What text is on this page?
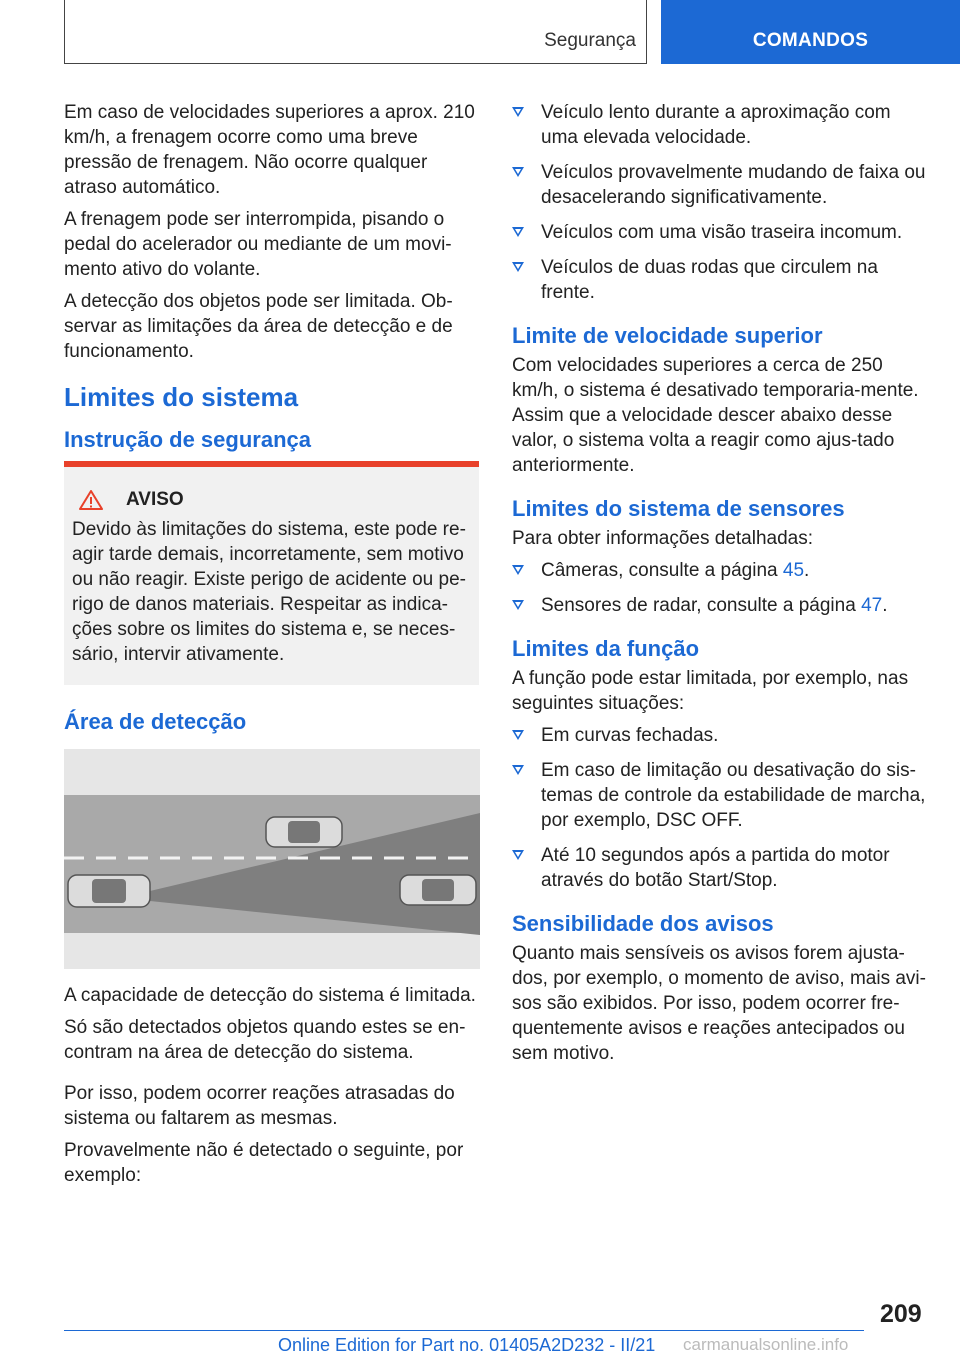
Segurança	COMANDOS

Em caso de velocidades superiores a aprox. 210 km/h, a frenagem ocorre como uma breve pressão de frenagem. Não ocorre qualquer atraso automático.

A frenagem pode ser interrompida, pisando o pedal do acelerador ou mediante de um movi-mento ativo do volante.

A detecção dos objetos pode ser limitada. Ob-servar as limitações da área de detecção e de funcionamento.

Limites do sistema
Instrução de segurança
AVISO

Devido às limitações do sistema, este pode re-agir tarde demais, incorretamente, sem motivo ou não reagir. Existe perigo de acidente ou pe-rigo de danos materiais. Respeitar as indica-ções sobre os limites do sistema e, se neces-sário, intervir ativamente.

Área de detecção

A capacidade de detecção do sistema é limitada.

Só são detectados objetos quando estes se en-contram na área de detecção do sistema.

Por isso, podem ocorrer reações atrasadas do sistema ou faltarem as mesmas.

Provavelmente não é detectado o seguinte, por exemplo:

Veículo lento durante a aproximação com uma elevada velocidade.
Veículos provavelmente mudando de faixa ou desacelerando significativamente.
Veículos com uma visão traseira incomum.
Veículos de duas rodas que circulem na frente.
Limite de velocidade superior

Com velocidades superiores a cerca de 250 km/h, o sistema é desativado temporaria-mente. Assim que a velocidade descer abaixo desse valor, o sistema volta a reagir como ajus-tado anteriormente.

Limites do sistema de sensores

Para obter informações detalhadas:

Câmeras, consulte a página 45.
Sensores de radar, consulte a página 47.
Limites da função

A função pode estar limitada, por exemplo, nas seguintes situações:

Em curvas fechadas.
Em caso de limitação ou desativação do sis-temas de controle da estabilidade de marcha, por exemplo, DSC OFF.
Até 10 segundos após a partida do motor através do botão Start/Stop.
Sensibilidade dos avisos

Quanto mais sensíveis os avisos forem ajusta-dos, por exemplo, o momento de aviso, mais avi-sos são exibidos. Por isso, podem ocorrer fre-quentemente avisos e reações antecipados ou sem motivo.

209
Online Edition for Part no. 01405A2D232 - II/21 carmanualsonline.info
